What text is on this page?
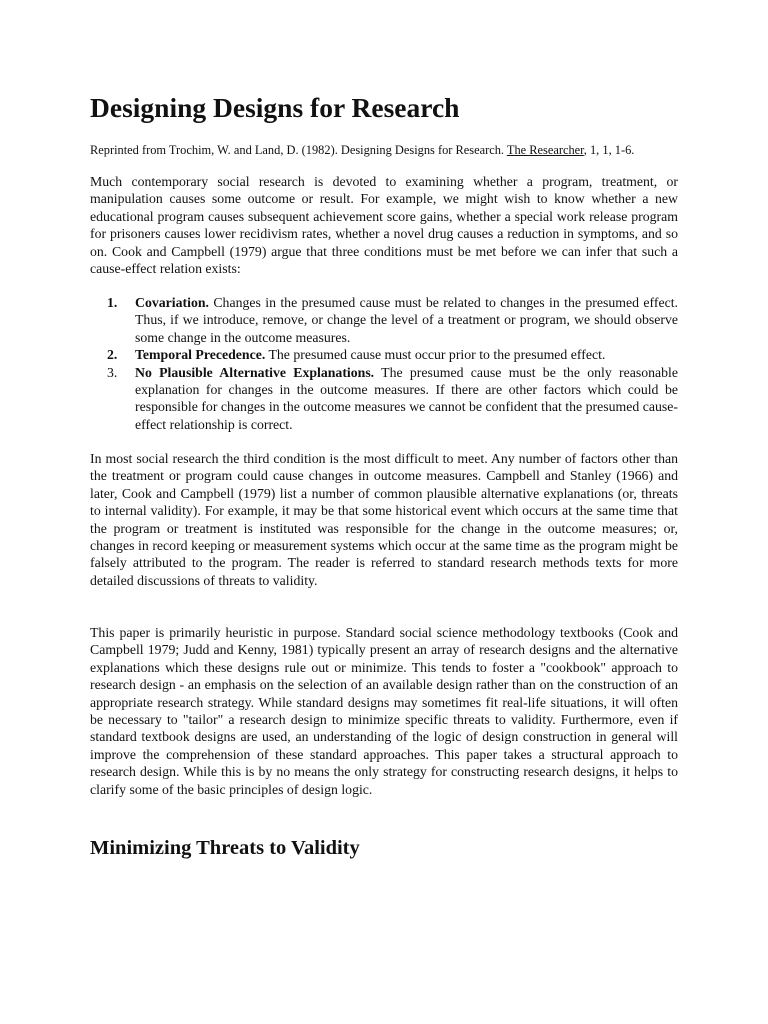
Designing Designs for Research

Reprinted from Trochim, W. and Land, D. (1982). Designing Designs for Research. The Researcher, 1, 1, 1-6.

Much contemporary social research is devoted to examining whether a program, treatment, or manipulation causes some outcome or result. For example, we might wish to know whether a new educational program causes subsequent achievement score gains, whether a special work release program for prisoners causes lower recidivism rates, whether a novel drug causes a reduction in symptoms, and so on. Cook and Campbell (1979) argue that three conditions must be met before we can infer that such a cause-effect relation exists:

1. Covariation. Changes in the presumed cause must be related to changes in the presumed effect. Thus, if we introduce, remove, or change the level of a treatment or program, we should observe some change in the outcome measures.
2. Temporal Precedence. The presumed cause must occur prior to the presumed effect.
3. No Plausible Alternative Explanations. The presumed cause must be the only reasonable explanation for changes in the outcome measures. If there are other factors which could be responsible for changes in the outcome measures we cannot be confident that the presumed cause-effect relationship is correct.

In most social research the third condition is the most difficult to meet. Any number of factors other than the treatment or program could cause changes in outcome measures. Campbell and Stanley (1966) and later, Cook and Campbell (1979) list a number of common plausible alternative explanations (or, threats to internal validity). For example, it may be that some historical event which occurs at the same time that the program or treatment is instituted was responsible for the change in the outcome measures; or, changes in record keeping or measurement systems which occur at the same time as the program might be falsely attributed to the program. The reader is referred to standard research methods texts for more detailed discussions of threats to validity.

This paper is primarily heuristic in purpose. Standard social science methodology textbooks (Cook and Campbell 1979; Judd and Kenny, 1981) typically present an array of research designs and the alternative explanations which these designs rule out or minimize. This tends to foster a "cookbook" approach to research design - an emphasis on the selection of an available design rather than on the construction of an appropriate research strategy. While standard designs may sometimes fit real-life situations, it will often be necessary to "tailor" a research design to minimize specific threats to validity. Furthermore, even if standard textbook designs are used, an understanding of the logic of design construction in general will improve the comprehension of these standard approaches. This paper takes a structural approach to research design. While this is by no means the only strategy for constructing research designs, it helps to clarify some of the basic principles of design logic.

Minimizing Threats to Validity
